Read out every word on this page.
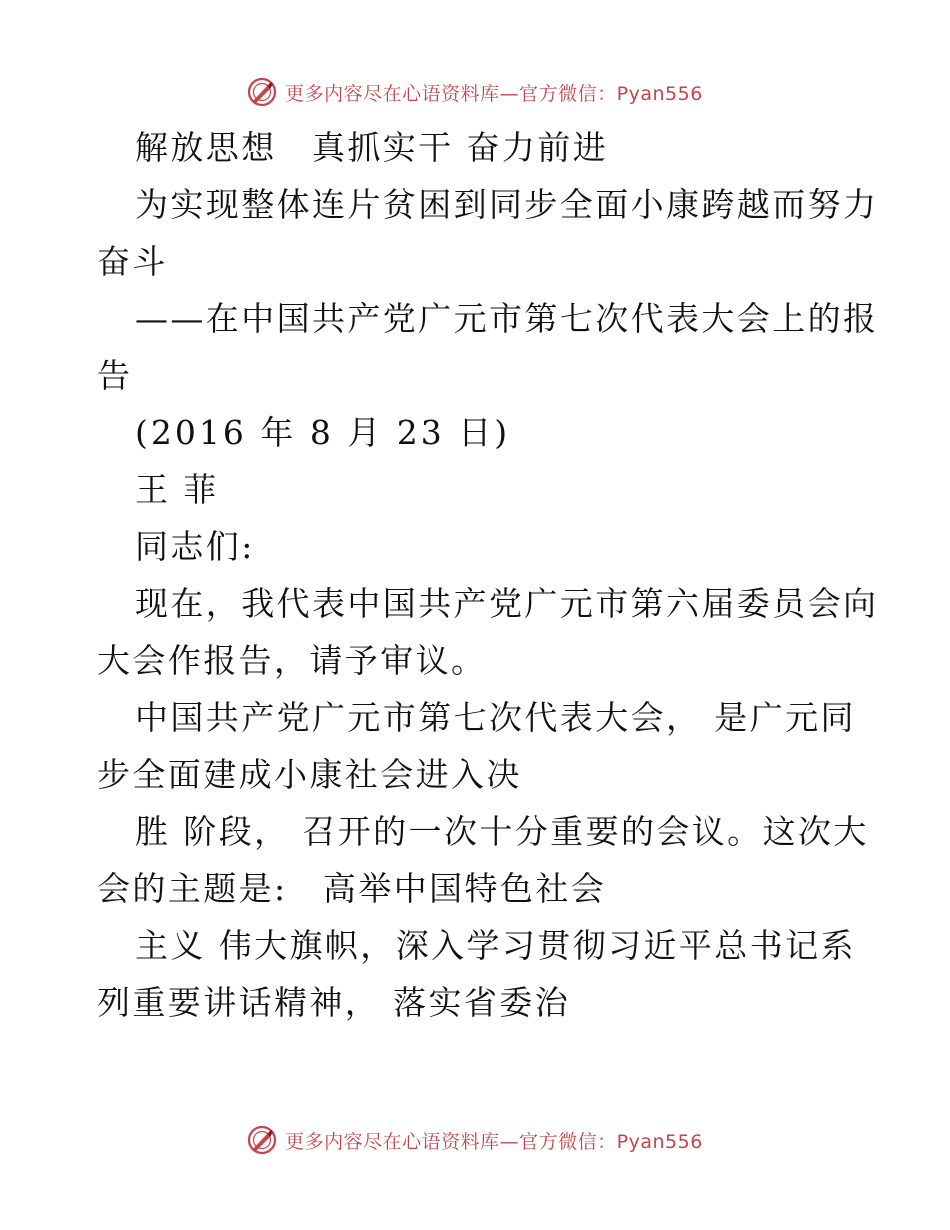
更多内容尽在心语资料库—官方微信：Pyan556
解放思想　真抓实干 奋力前进
为实现整体连片贫困到同步全面小康跨越而努力
奋斗
——在中国共产党广元市第七次代表大会上的报
告
(2016 年 8 月 23 日)
王 菲
同志们:
现在，我代表中国共产党广元市第六届委员会向
大会作报告，请予审议。
中国共产党广元市第七次代表大会， 是广元同
步全面建成小康社会进入决
胜 阶段， 召开的一次十分重要的会议。这次大
会的主题是:　高举中国特色社会
主义 伟大旗帜，深入学习贯彻习近平总书记系
列重要讲话精神， 落实省委治
更多内容尽在心语资料库—官方微信：Pyan556
